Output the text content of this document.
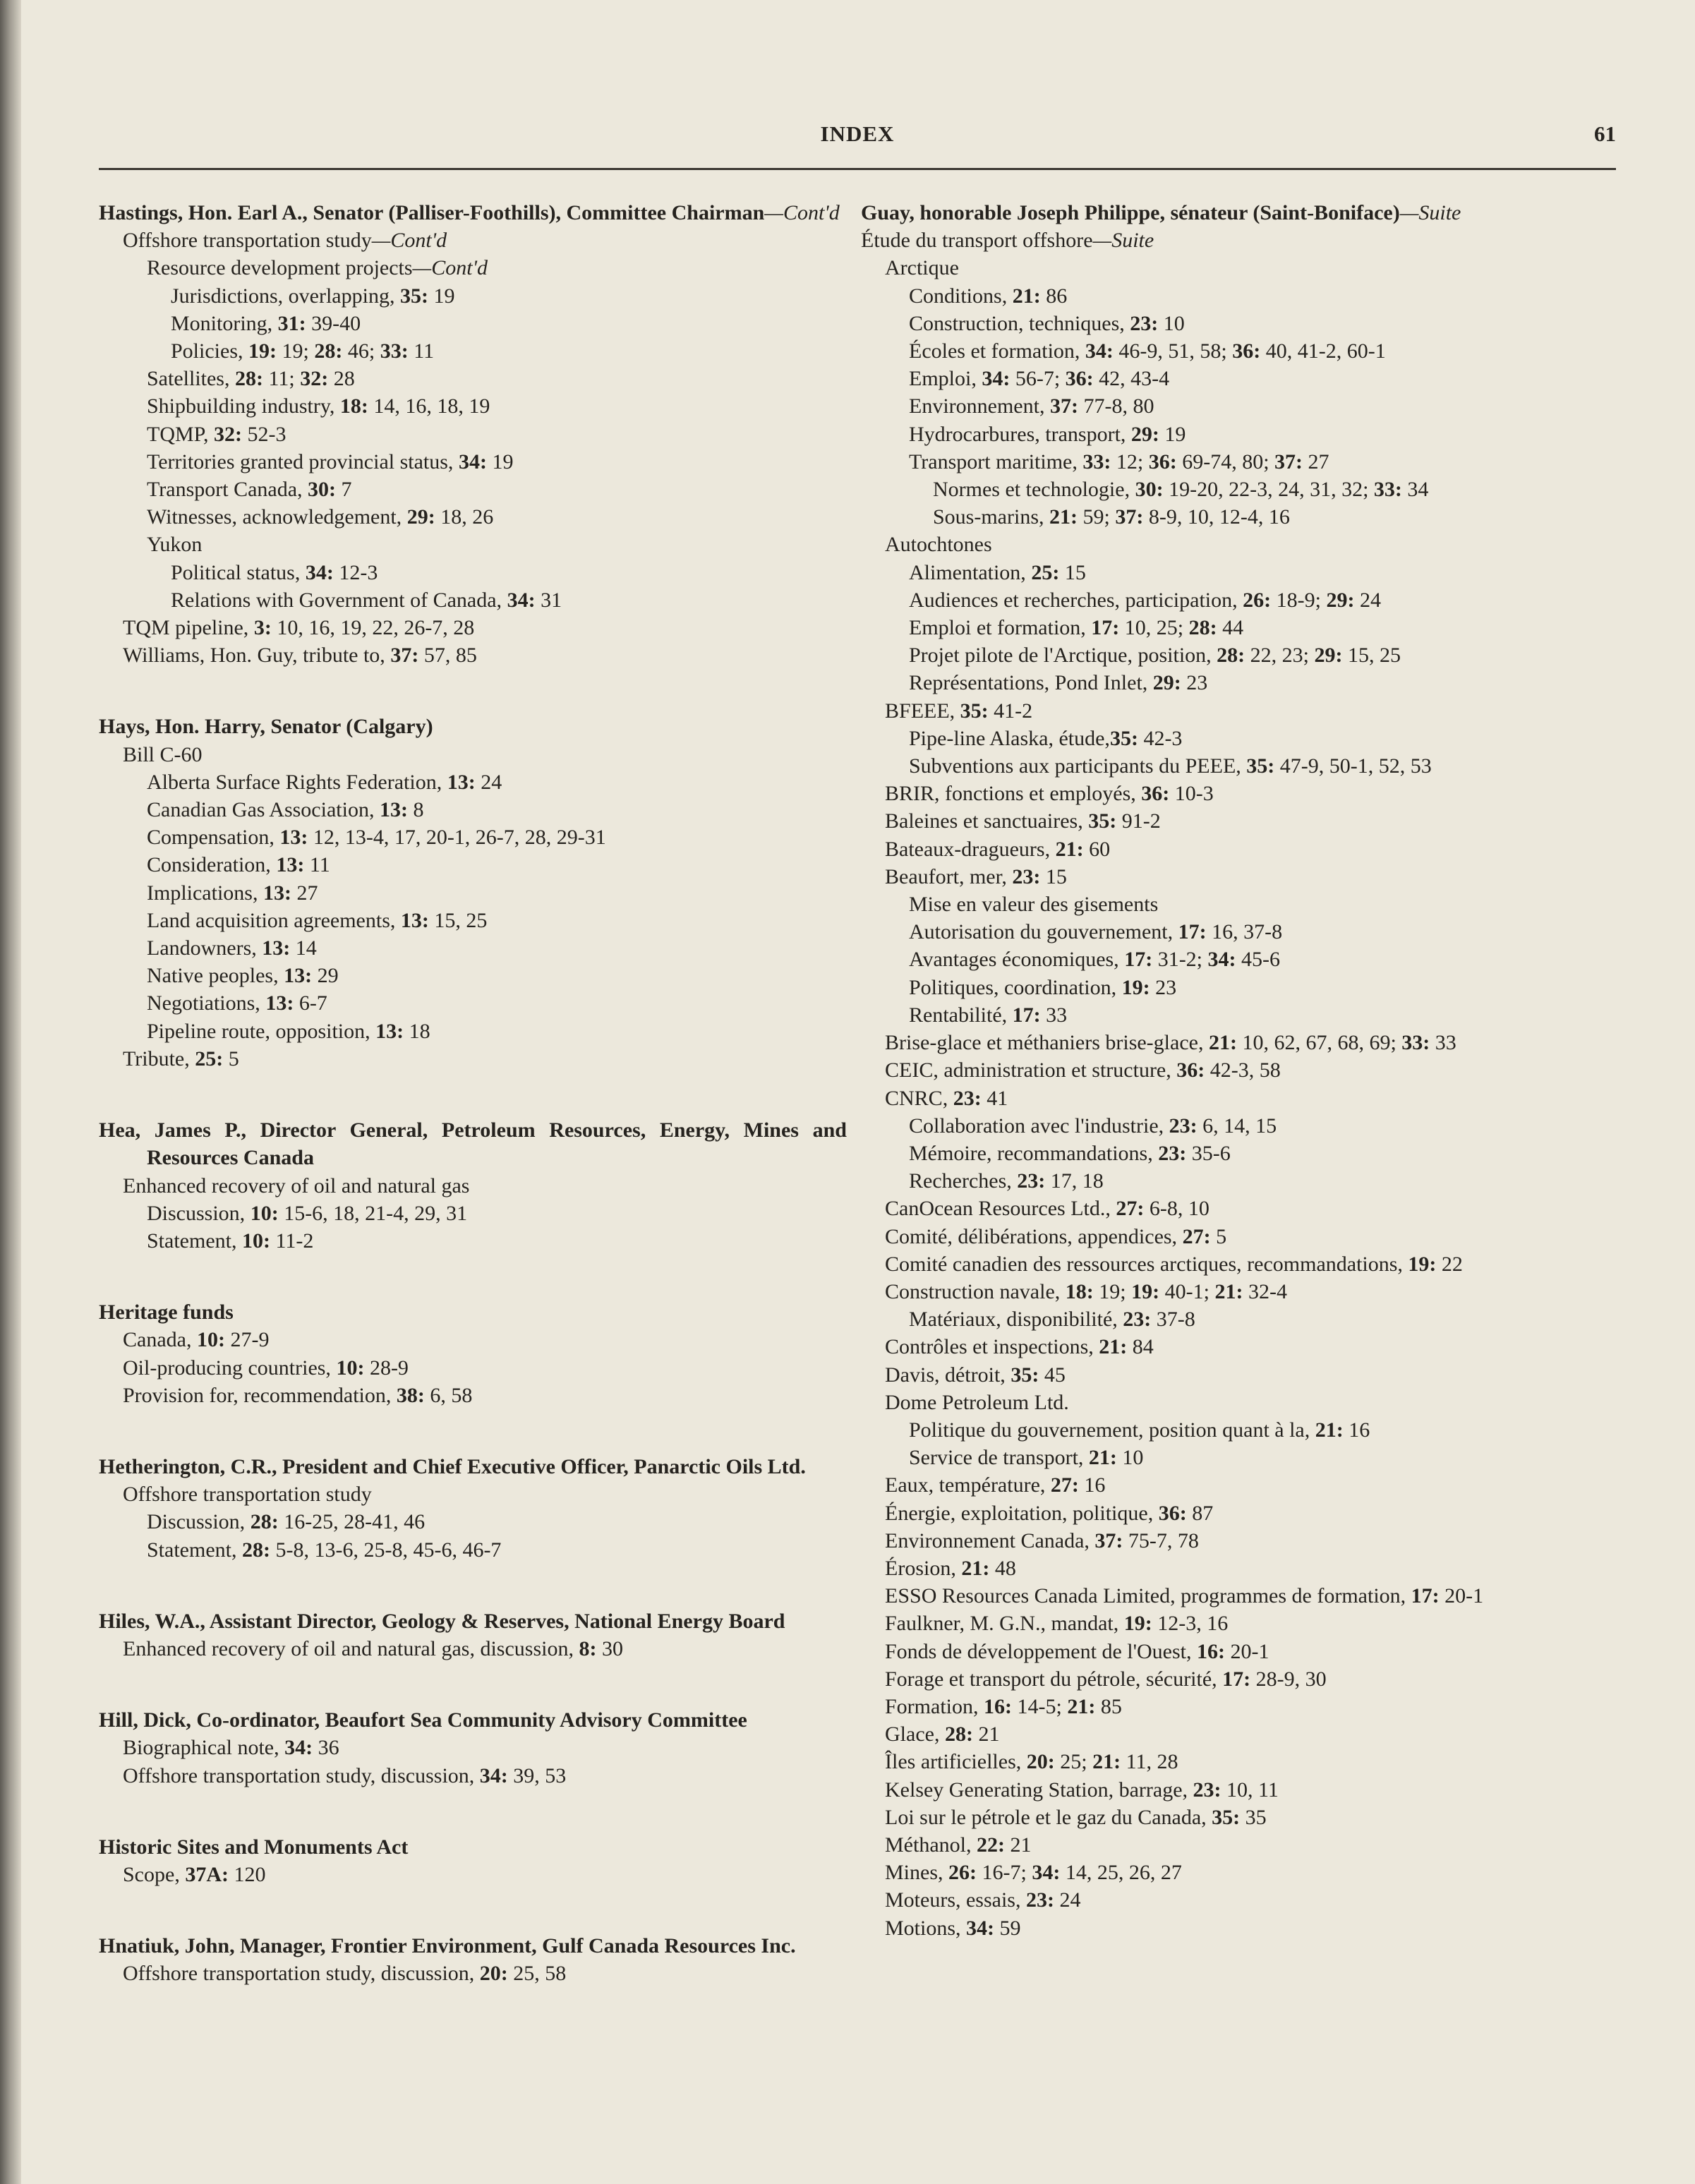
INDEX	61
Hastings, Hon. Earl A., Senator (Palliser-Foothills), Committee Chairman—Cont'd
Offshore transportation study—Cont'd
Resource development projects—Cont'd
Jurisdictions, overlapping, 35: 19
Monitoring, 31: 39-40
Policies, 19: 19; 28: 46; 33: 11
Satellites, 28: 11; 32: 28
Shipbuilding industry, 18: 14, 16, 18, 19
TQMP, 32: 52-3
Territories granted provincial status, 34: 19
Transport Canada, 30: 7
Witnesses, acknowledgement, 29: 18, 26
Yukon
Political status, 34: 12-3
Relations with Government of Canada, 34: 31
TQM pipeline, 3: 10, 16, 19, 22, 26-7, 28
Williams, Hon. Guy, tribute to, 37: 57, 85
Hays, Hon. Harry, Senator (Calgary)
Bill C-60
Alberta Surface Rights Federation, 13: 24
Canadian Gas Association, 13: 8
Compensation, 13: 12, 13-4, 17, 20-1, 26-7, 28, 29-31
Consideration, 13: 11
Implications, 13: 27
Land acquisition agreements, 13: 15, 25
Landowners, 13: 14
Native peoples, 13: 29
Negotiations, 13: 6-7
Pipeline route, opposition, 13: 18
Tribute, 25: 5
Hea, James P., Director General, Petroleum Resources, Energy, Mines and Resources Canada
Enhanced recovery of oil and natural gas
Discussion, 10: 15-6, 18, 21-4, 29, 31
Statement, 10: 11-2
Heritage funds
Canada, 10: 27-9
Oil-producing countries, 10: 28-9
Provision for, recommendation, 38: 6, 58
Hetherington, C.R., President and Chief Executive Officer, Panarctic Oils Ltd.
Offshore transportation study
Discussion, 28: 16-25, 28-41, 46
Statement, 28: 5-8, 13-6, 25-8, 45-6, 46-7
Hiles, W.A., Assistant Director, Geology & Reserves, National Energy Board
Enhanced recovery of oil and natural gas, discussion, 8: 30
Hill, Dick, Co-ordinator, Beaufort Sea Community Advisory Committee
Biographical note, 34: 36
Offshore transportation study, discussion, 34: 39, 53
Historic Sites and Monuments Act
Scope, 37A: 120
Hnatiuk, John, Manager, Frontier Environment, Gulf Canada Resources Inc.
Offshore transportation study, discussion, 20: 25, 58
Guay, honorable Joseph Philippe, sénateur (Saint-Boniface)—Suite
Étude du transport offshore—Suite
Arctique
Conditions, 21: 86
Construction, techniques, 23: 10
Écoles et formation, 34: 46-9, 51, 58; 36: 40, 41-2, 60-1
Emploi, 34: 56-7; 36: 42, 43-4
Environnement, 37: 77-8, 80
Hydrocarbures, transport, 29: 19
Transport maritime, 33: 12; 36: 69-74, 80; 37: 27
Normes et technologie, 30: 19-20, 22-3, 24, 31, 32; 33: 34
Sous-marins, 21: 59; 37: 8-9, 10, 12-4, 16
Autochtones
Alimentation, 25: 15
Audiences et recherches, participation, 26: 18-9; 29: 24
Emploi et formation, 17: 10, 25; 28: 44
Projet pilote de l'Arctique, position, 28: 22, 23; 29: 15, 25
Représentations, Pond Inlet, 29: 23
BFEEE, 35: 41-2
Pipe-line Alaska, étude,35: 42-3
Subventions aux participants du PEEE, 35: 47-9, 50-1, 52, 53
BRIR, fonctions et employés, 36: 10-3
Baleines et sanctuaires, 35: 91-2
Bateaux-dragueurs, 21: 60
Beaufort, mer, 23: 15
Mise en valeur des gisements
Autorisation du gouvernement, 17: 16, 37-8
Avantages économiques, 17: 31-2; 34: 45-6
Politiques, coordination, 19: 23
Rentabilité, 17: 33
Brise-glace et méthaniers brise-glace, 21: 10, 62, 67, 68, 69; 33: 33
CEIC, administration et structure, 36: 42-3, 58
CNRC, 23: 41
Collaboration avec l'industrie, 23: 6, 14, 15
Mémoire, recommandations, 23: 35-6
Recherches, 23: 17, 18
CanOcean Resources Ltd., 27: 6-8, 10
Comité, délibérations, appendices, 27: 5
Comité canadien des ressources arctiques, recommandations, 19: 22
Construction navale, 18: 19; 19: 40-1; 21: 32-4
Matériaux, disponibilité, 23: 37-8
Contrôles et inspections, 21: 84
Davis, détroit, 35: 45
Dome Petroleum Ltd.
Politique du gouvernement, position quant à la, 21: 16
Service de transport, 21: 10
Eaux, température, 27: 16
Énergie, exploitation, politique, 36: 87
Environnement Canada, 37: 75-7, 78
Érosion, 21: 48
ESSO Resources Canada Limited, programmes de formation, 17: 20-1
Faulkner, M. G.N., mandat, 19: 12-3, 16
Fonds de développement de l'Ouest, 16: 20-1
Forage et transport du pétrole, sécurité, 17: 28-9, 30
Formation, 16: 14-5; 21: 85
Glace, 28: 21
Îles artificielles, 20: 25; 21: 11, 28
Kelsey Generating Station, barrage, 23: 10, 11
Loi sur le pétrole et le gaz du Canada, 35: 35
Méthanol, 22: 21
Mines, 26: 16-7; 34: 14, 25, 26, 27
Moteurs, essais, 23: 24
Motions, 34: 59
